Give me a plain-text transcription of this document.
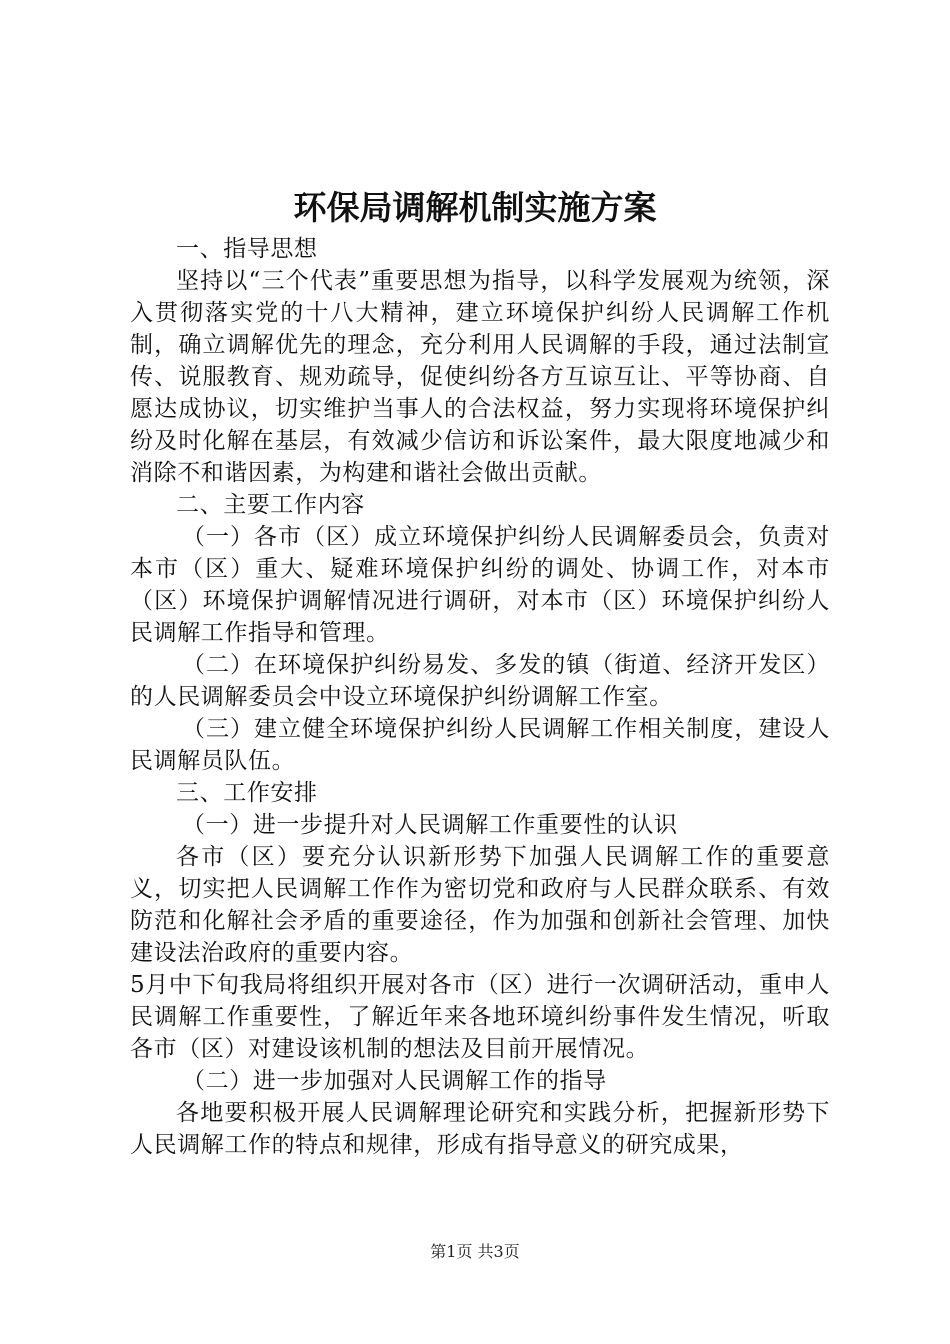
环保局调解机制实施方案

一、指导思想

坚持以“三个代表”重要思想为指导，以科学发展观为统领，深入贯彻落实党的十八大精神，建立环境保护纠纷人民调解工作机制，确立调解优先的理念，充分利用人民调解的手段，通过法制宣传、说服教育、规劝疏导，促使纠纷各方互谅互让、平等协商、自愿达成协议，切实维护当事人的合法权益，努力实现将环境保护纠纷及时化解在基层，有效减少信访和诉讼案件，最大限度地减少和消除不和谐因素，为构建和谐社会做出贡献。

二、主要工作内容

（一）各市（区）成立环境保护纠纷人民调解委员会，负责对本市（区）重大、疑难环境保护纠纷的调处、协调工作，对本市（区）环境保护调解情况进行调研，对本市（区）环境保护纠纷人民调解工作指导和管理。

（二）在环境保护纠纷易发、多发的镇（街道、经济开发区）的人民调解委员会中设立环境保护纠纷调解工作室。

（三）建立健全环境保护纠纷人民调解工作相关制度，建设人民调解员队伍。

三、工作安排

（一）进一步提升对人民调解工作重要性的认识

各市（区）要充分认识新形势下加强人民调解工作的重要意义，切实把人民调解工作作为密切党和政府与人民群众联系、有效防范和化解社会矛盾的重要途径，作为加强和创新社会管理、加快建设法治政府的重要内容。

5月中下旬我局将组织开展对各市（区）进行一次调研活动，重申人民调解工作重要性，了解近年来各地环境纠纷事件发生情况，听取各市（区）对建设该机制的想法及目前开展情况。

（二）进一步加强对人民调解工作的指导

各地要积极开展人民调解理论研究和实践分析，把握新形势下人民调解工作的特点和规律，形成有指导意义的研究成果，

第1页 共3页
